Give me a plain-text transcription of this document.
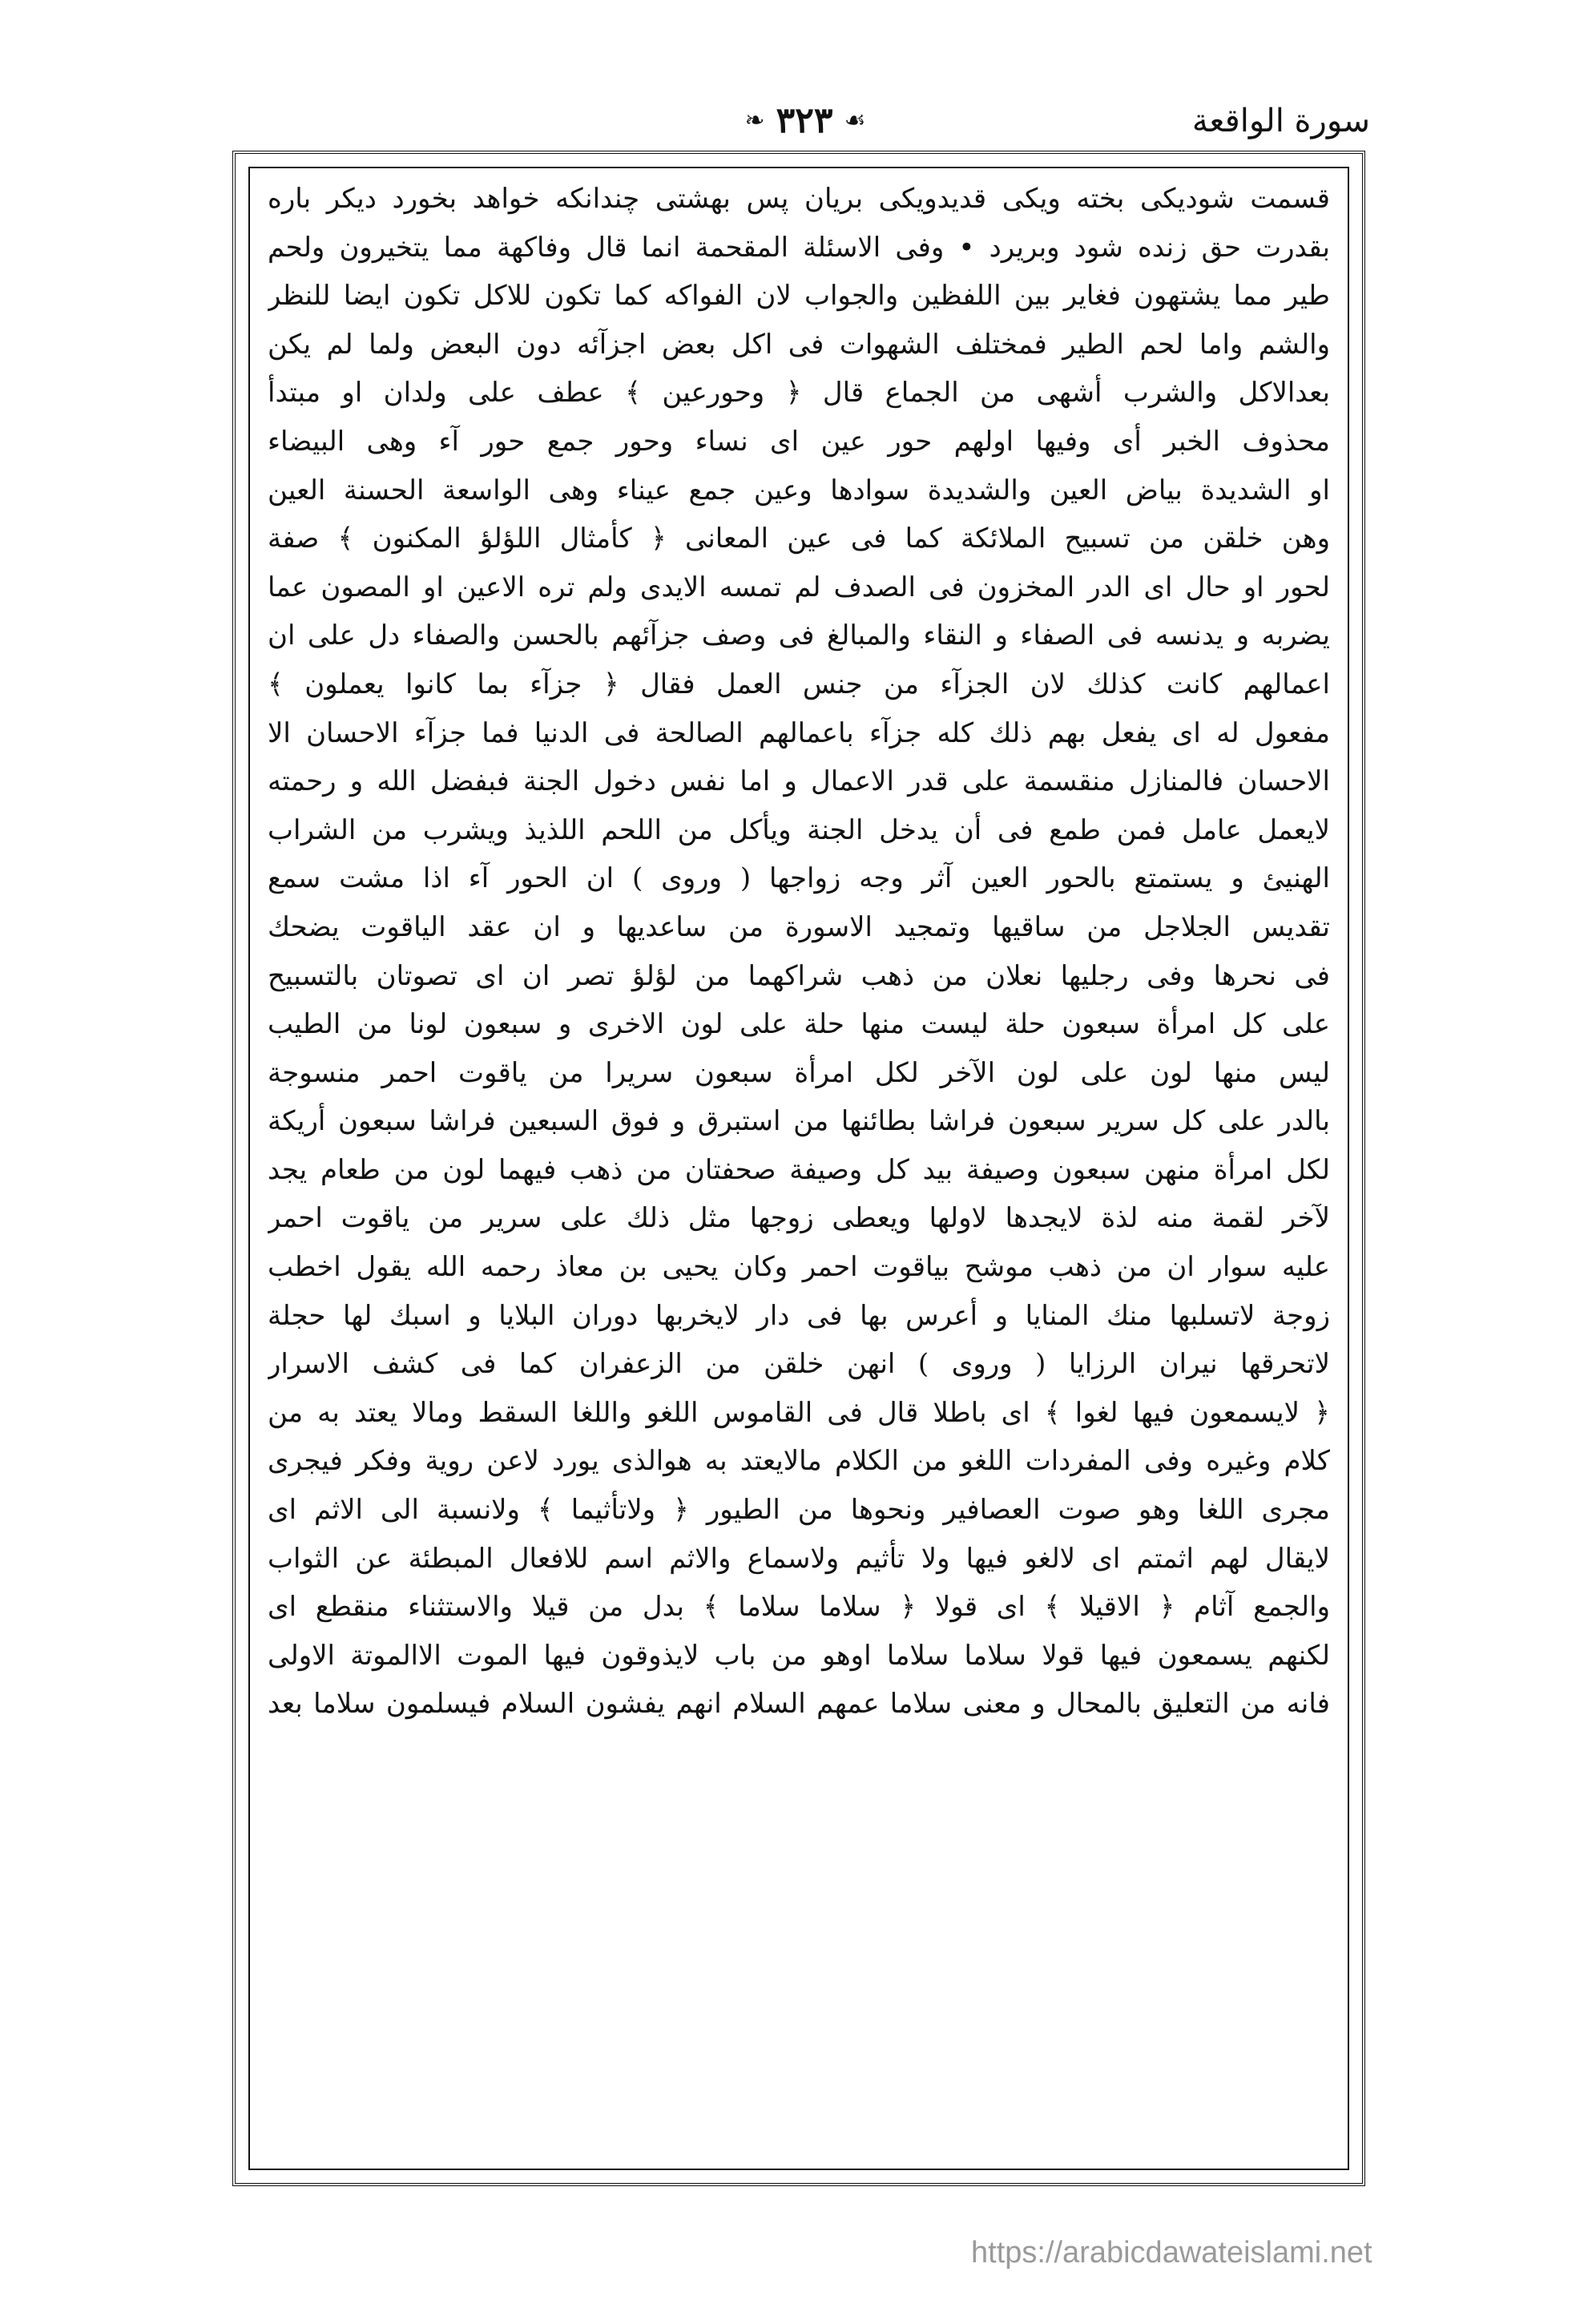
❧ ٣٢٣ ☙	سورة الواقعة
قسمت شوديكى بخته ويكى قديدويكى بريان پس بهشتى چندانكه خواهد بخورد ديكر باره
بقدرت حق زنده شود وبريرد • وفى الاسئلة المقحمة انما قال وفاكهة مما يتخيرون ولحم
طير مما يشتهون فغاير بين اللفظين والجواب لان الفواكه كما تكون للاكل تكون ايضا للنظر
والشم واما لحم الطير فمختلف الشهوات فى اكل بعض اجزآئه دون البعض ولما لم يكن
بعدالاكل والشرب أشهى من الجماع قال ﴿ وحورعين ﴾ عطف على ولدان او مبتدأ
محذوف الخبر أى وفيها اولهم حور عين اى نساء وحور جمع حور آء وهى البيضاء
او الشديدة بياض العين والشديدة سوادها وعين جمع عيناء وهى الواسعة الحسنة العين
وهن خلقن من تسبيح الملائكة كما فى عين المعانى ﴿ كأمثال اللؤلؤ المكنون ﴾ صفة
لحور او حال اى الدر المخزون فى الصدف لم تمسه الايدى ولم تره الاعين او المصون عما
يضربه و يدنسه فى الصفاء و النقاء والمبالغ فى وصف جزآئهم بالحسن والصفاء دل على ان
اعمالهم كانت كذلك لان الجزآء من جنس العمل فقال ﴿ جزآء بما كانوا يعملون ﴾
مفعول له اى يفعل بهم ذلك كله جزآء باعمالهم الصالحة فى الدنيا فما جزآء الاحسان الا
الاحسان فالمنازل منقسمة على قدر الاعمال و اما نفس دخول الجنة فبفضل الله و رحمته
لايعمل عامل فمن طمع فى أن يدخل الجنة ويأكل من اللحم اللذيذ ويشرب من الشراب
الهنيئ و يستمتع بالحور العين آثر وجه زواجها ( وروى ) ان الحور آء اذا مشت سمع
تقديس الجلاجل من ساقيها وتمجيد الاسورة من ساعديها و ان عقد الياقوت يضحك
فى نحرها وفى رجليها نعلان من ذهب شراكهما من لؤلؤ تصر ان اى تصوتان بالتسبيح
على كل امرأة سبعون حلة ليست منها حلة على لون الاخرى و سبعون لونا من الطيب
ليس منها لون على لون الآخر لكل امرأة سبعون سريرا من ياقوت احمر منسوجة
بالدر على كل سرير سبعون فراشا بطائنها من استبرق و فوق السبعين فراشا سبعون أريكة
لكل امرأة منهن سبعون وصيفة بيد كل وصيفة صحفتان من ذهب فيهما لون من طعام يجد
لآخر لقمة منه لذة لايجدها لاولها ويعطى زوجها مثل ذلك على سرير من ياقوت احمر
عليه سوار ان من ذهب موشح بياقوت احمر وكان يحيى بن معاذ رحمه الله يقول اخطب
زوجة لاتسلبها منك المنايا و أعرس بها فى دار لايخربها دوران البلايا و اسبك لها حجلة
لاتحرقها نيران الرزايا ( وروى ) انهن خلقن من الزعفران كما فى كشف الاسرار
﴿ لايسمعون فيها لغوا ﴾ اى باطلا قال فى القاموس اللغو واللغا السقط ومالا يعتد به من
كلام وغيره وفى المفردات اللغو من الكلام مالايعتد به هوالذى يورد لاعن روية وفكر فيجرى
مجرى اللغا وهو صوت العصافير ونحوها من الطيور ﴿ ولاتأثيما ﴾ ولانسبة الى الاثم اى
لايقال لهم اثمتم اى لالغو فيها ولا تأثيم ولاسماع والاثم اسم للافعال المبطئة عن الثواب
والجمع آثام ﴿ الاقيلا ﴾ اى قولا ﴿ سلاما سلاما ﴾ بدل من قيلا والاستثناء منقطع اى
لكنهم يسمعون فيها قولا سلاما سلاما اوهو من باب لايذوقون فيها الموت الاالموتة الاولى
فانه من التعليق بالمحال و معنى سلاما عمهم السلام انهم يفشون السلام فيسلمون سلاما بعد
https://arabicdawateislami.net
